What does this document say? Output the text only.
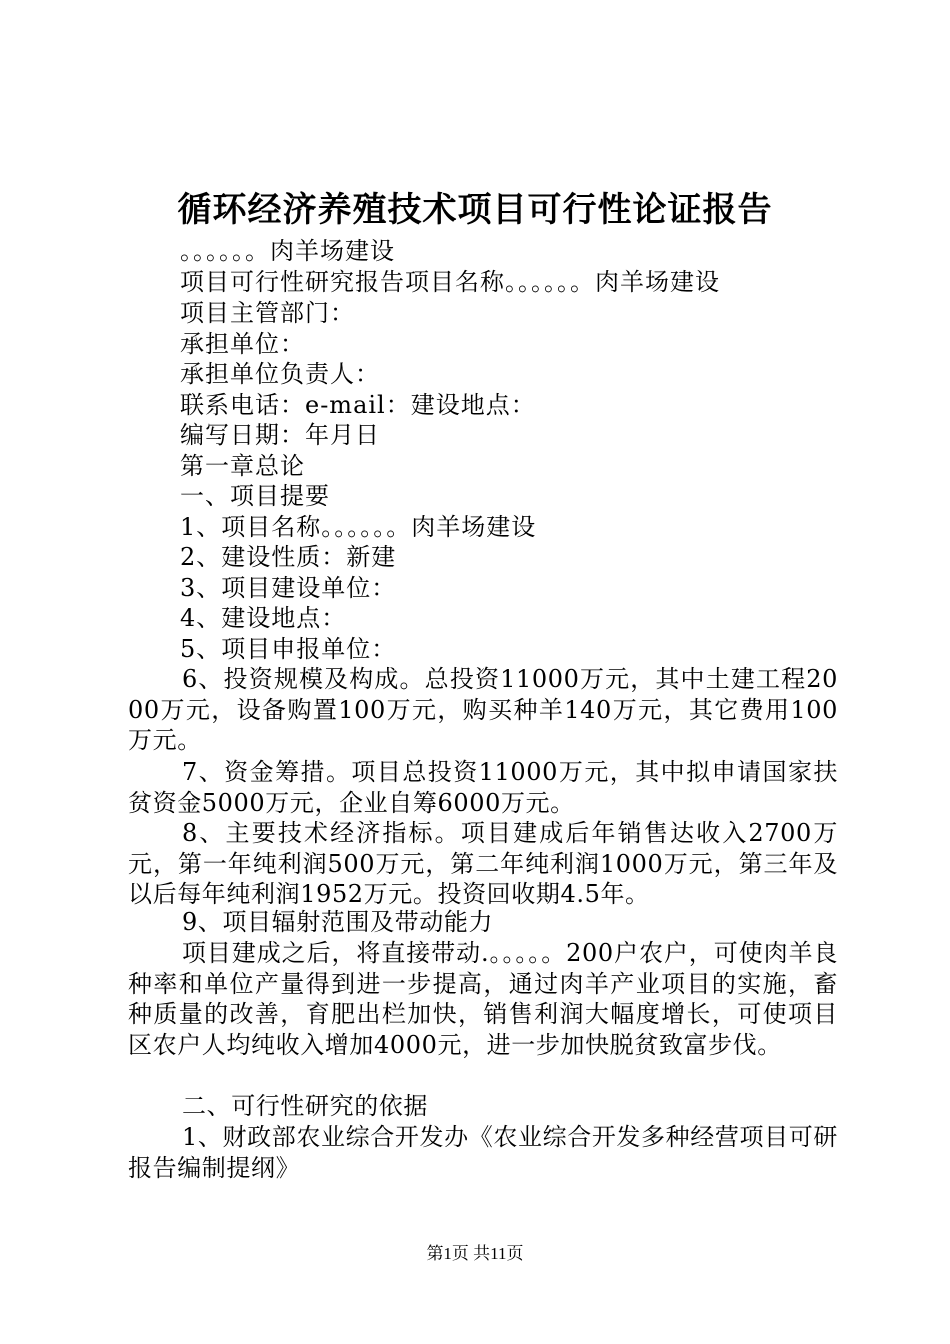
循环经济养殖技术项目可行性论证报告
。。。。。。肉羊场建设
项目可行性研究报告项目名称。。。。。。肉羊场建设
项目主管部门：
承担单位：
承担单位负责人：
联系电话：e-mail：建设地点：
编写日期：年月日
第一章总论
一、项目提要
1、项目名称。。。。。。肉羊场建设
2、建设性质：新建
3、项目建设单位：
4、建设地点：
5、项目申报单位：
6、投资规模及构成。总投资11000万元，其中土建工程2000万元，设备购置100万元，购买种羊140万元，其它费用100万元。
7、资金筹措。项目总投资11000万元，其中拟申请国家扶贫资金5000万元，企业自筹6000万元。
8、主要技术经济指标。项目建成后年销售达收入2700万元，第一年纯利润500万元，第二年纯利润1000万元，第三年及以后每年纯利润1952万元。投资回收期4.5年。
9、项目辐射范围及带动能力
项目建成之后，将直接带动.。。。。。200户农户，可使肉羊良种率和单位产量得到进一步提高，通过肉羊产业项目的实施，畜种质量的改善，育肥出栏加快，销售利润大幅度增长，可使项目区农户人均纯收入增加4000元，进一步加快脱贫致富步伐。
二、可行性研究的依据
1、财政部农业综合开发办《农业综合开发多种经营项目可研报告编制提纲》
第1页 共11页
